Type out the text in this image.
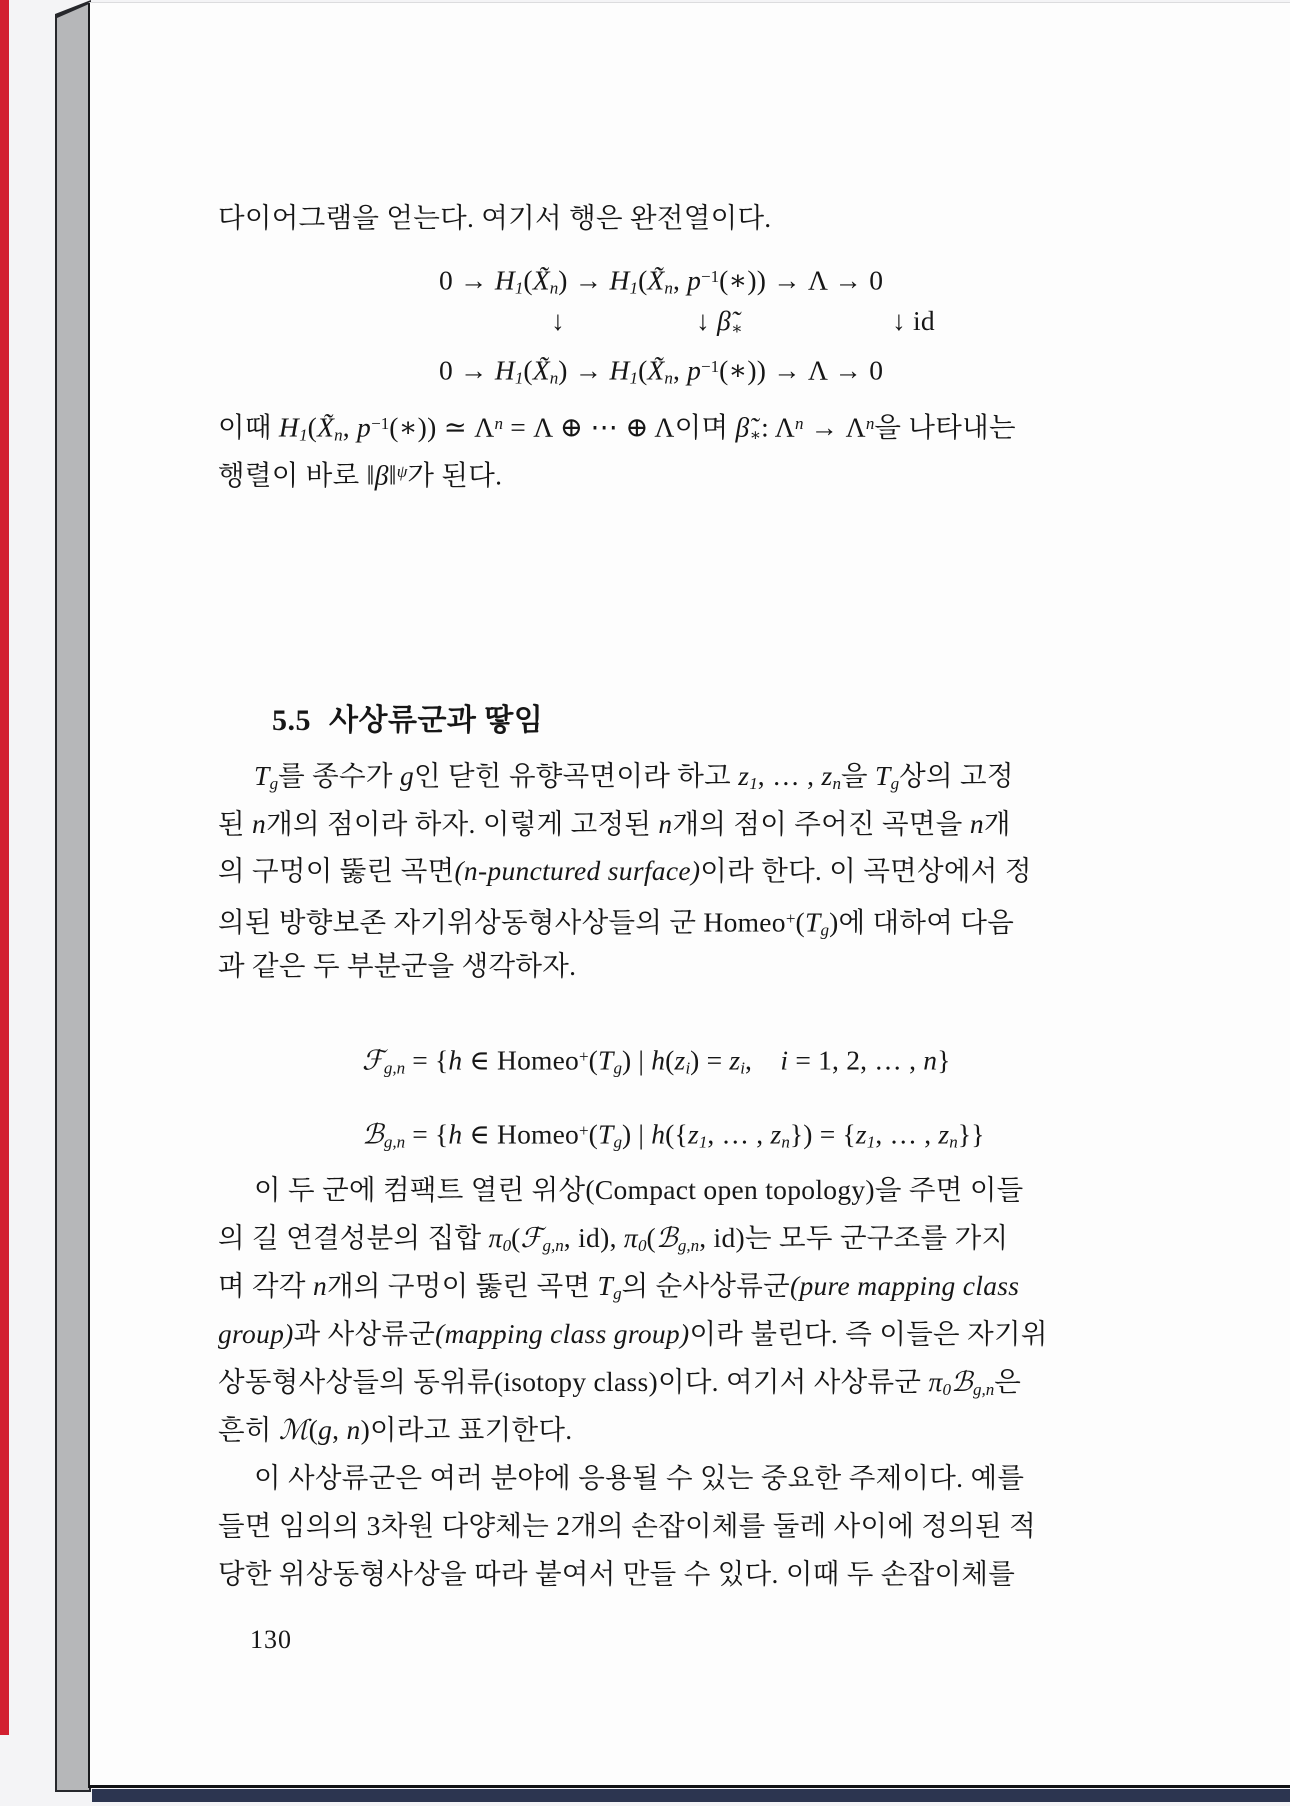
다이어그램을 얻는다. 여기서 행은 완전열이다.
0 → H1(X̃n) → H1(X̃n, $p^{-1}(∗)) \to \Lambda \to 0$
↓	↓ β̃∗	↓ id
0 → H1(X̃n) → H1(X̃n, $p^{-1}(∗)) \to \Lambda \to 0$
이때 H1(X̃n, $p^{-1}(∗)$) ≃ $\Lambda^n = \Lambda$ ⊕ ⋯ ⊕ Λ이며 β̃∗: $\Lambda^n \to \Lambda^n$을 나타내는
행렬이 바로 ‖β‖$^\psi$가 된다.

5.5 사상류군과 땋임

Tg를 종수가 g인 닫힌 유향곡면이라 하고 z1, … , zn을 Tg상의 고정
된 n개의 점이라 하자. 이렇게 고정된 n개의 점이 주어진 곡면을 n개
의 구멍이 뚫린 곡면(n-punctured surface)이라 한다. 이 곡면상에서 정
의된 방향보존 자기위상동형사상들의 군 Homeo+(Tg)에 대하여 다음
과 같은 두 부분군을 생각하자.
ℱg,n = {h ∈ Homeo+(Tg) | h(zi) = zi,    i = 1, 2, … , n}
ℬg,n = {h ∈ Homeo+(Tg) | h({z1, … , zn}) = {z1, … , zn}}
이 두 군에 컴팩트 열린 위상(Compact open topology)을 주면 이들
의 길 연결성분의 집합 π0(ℱg,n, id), π0(ℬg,n, id)는 모두 군구조를 가지
며 각각 n개의 구멍이 뚫린 곡면 Tg의 순사상류군(pure mapping class
group)과 사상류군(mapping class group)이라 불린다. 즉 이들은 자기위
상동형사상들의 동위류(isotopy class)이다. 여기서 사상류군 π0ℬg,n은
흔히 ℳ(g, n)이라고 표기한다.
이 사상류군은 여러 분야에 응용될 수 있는 중요한 주제이다. 예를
들면 임의의 3차원 다양체는 2개의 손잡이체를 둘레 사이에 정의된 적
당한 위상동형사상을 따라 붙여서 만들 수 있다. 이때 두 손잡이체를
130
